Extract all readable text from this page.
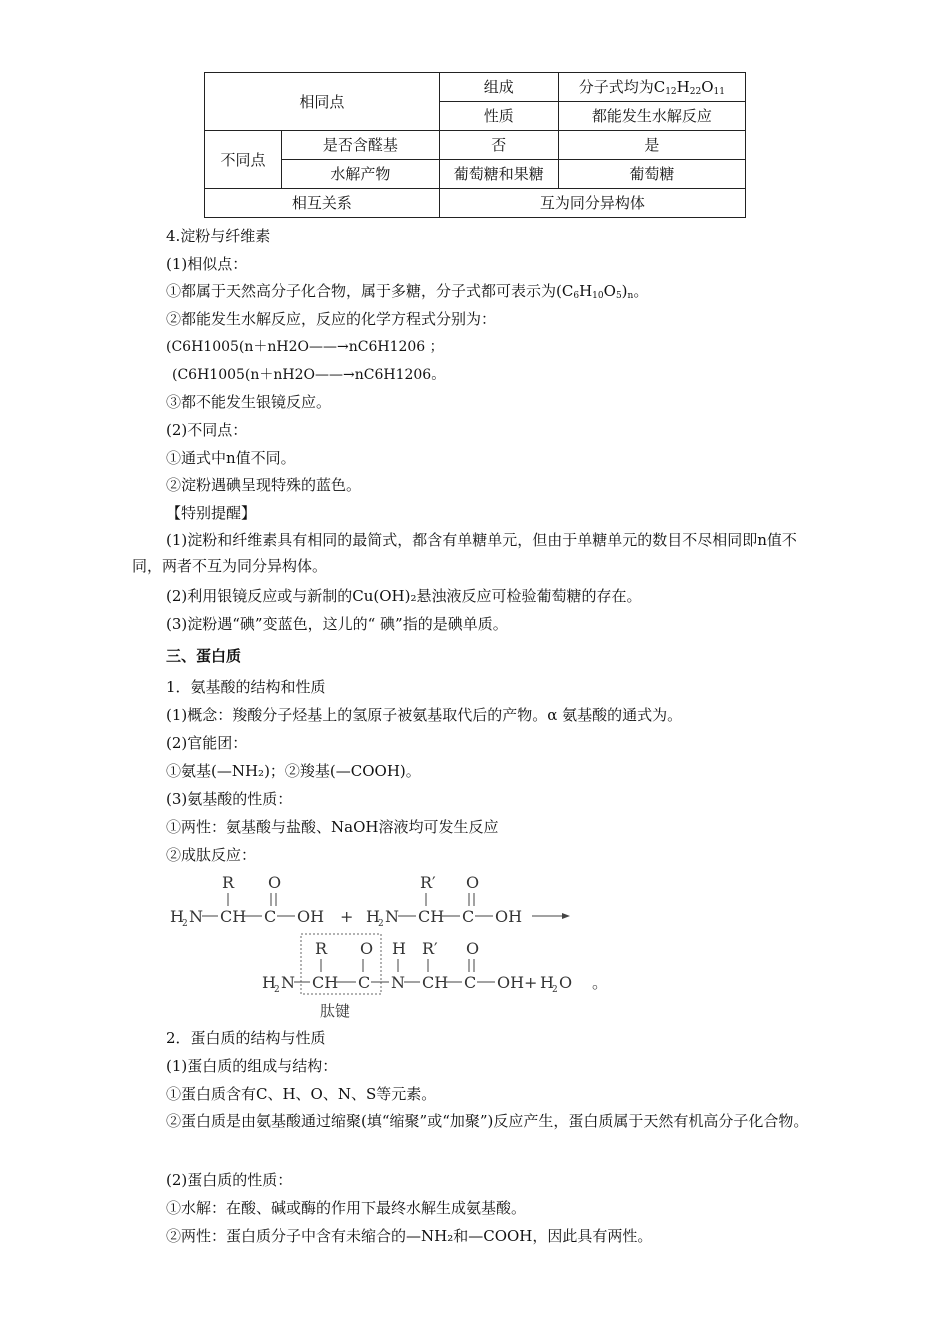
相同点		组成	分子式均为$C_{12}H_{22}O_{11}$
		性质	都能发生水解反应
不同点	是否含醛基	否	是
	水解产物	葡萄糖和果糖	葡萄糖
相互关系		互为同分异构体	
4.淀粉与纤维素
(1)相似点：
①都属于天然高分子化合物，属于多糖，分子式都可表示为$(C_6H_{10}O_5)_n$。
②都能发生水解反应，反应的化学方程式分别为：
(C6H1005(n＋nH2O——→nC6H1206 ；
(C6H1005(n＋nH2O——→nC6H1206。
③都不能发生银镜反应。
(2)不同点：
①通式中n值不同。
②淀粉遇碘呈现特殊的蓝色。
【特别提醒】
(1)淀粉和纤维素具有相同的最简式，都含有单糖单元，但由于单糖单元的数目不尽相同即n值不同，两者不互为同分异构体。
(2)利用银镜反应或与新制的Cu(OH)₂悬浊液反应可检验葡萄糖的存在。
(3)淀粉遇“碘”变蓝色，这儿的“ 碘”指的是碘单质。
三、蛋白质
1．氨基酸的结构和性质
(1)概念：羧酸分子烃基上的氢原子被氨基取代后的产物。α 氨基酸的通式为。
(2)官能团：
①氨基(—NH₂)；②羧基(—COOH)。
(3)氨基酸的性质：
①两性：氨基酸与盐酸、NaOH溶液均可发生反应
②成肽反应：
R O
H
2 N CH C OH +
R′ O
H
2 N CH C OH
R O H R′ O
H
2 N CH C N CH C OH + H
2 O 。
肽键
2．蛋白质的结构与性质
(1)蛋白质的组成与结构：
①蛋白质含有C、H、O、N、S等元素。
②蛋白质是由氨基酸通过缩聚(填“缩聚”或“加聚”)反应产生，蛋白质属于天然有机高分子化合物。
(2)蛋白质的性质：
①水解：在酸、碱或酶的作用下最终水解生成氨基酸。
②两性：蛋白质分子中含有未缩合的—NH₂和—COOH，因此具有两性。
